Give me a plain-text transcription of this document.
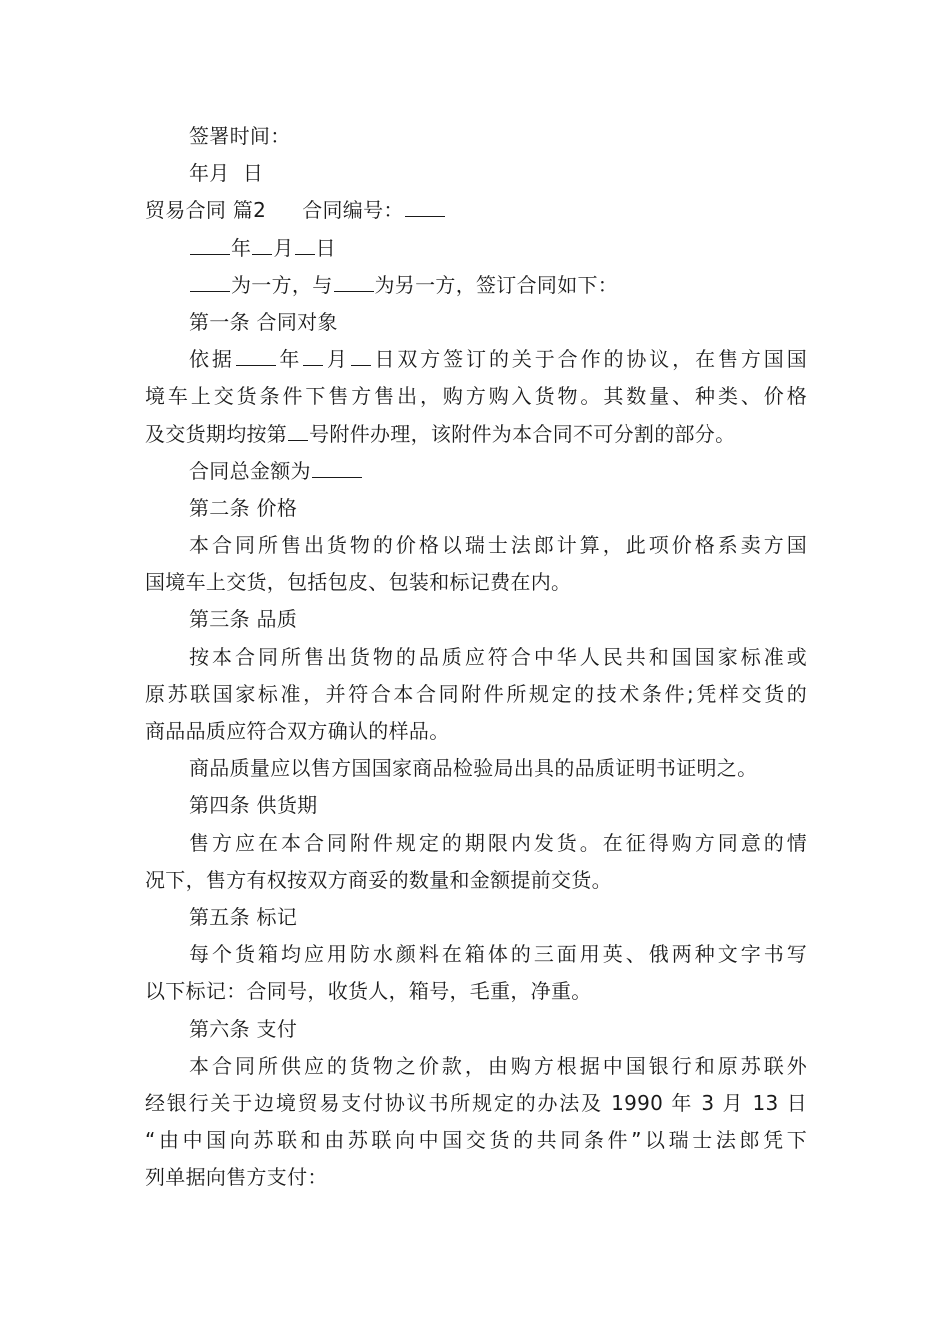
签署时间：
年月  日
贸易合同 篇2 合同编号：
年 月 日
为一方，与 为另一方，签订合同如下：
第一条 合同对象
依据 年 月 日双方签订的关于合作的协议，在售方国国
境车上交货条件下售方售出，购方购入货物。其数量、种类、价格
及交货期均按第 号附件办理，该附件为本合同不可分割的部分。
合同总金额为
第二条 价格
本合同所售出货物的价格以瑞士法郎计算，此项价格系卖方国
国境车上交货，包括包皮、包装和标记费在内。
第三条 品质
按本合同所售出货物的品质应符合中华人民共和国国家标准或
原苏联国家标准，并符合本合同附件所规定的技术条件;凭样交货的
商品品质应符合双方确认的样品。
商品质量应以售方国国家商品检验局出具的品质证明书证明之。
第四条 供货期
售方应在本合同附件规定的期限内发货。在征得购方同意的情
况下，售方有权按双方商妥的数量和金额提前交货。
第五条 标记
每个货箱均应用防水颜料在箱体的三面用英、俄两种文字书写
以下标记：合同号，收货人，箱号，毛重，净重。
第六条 支付
本合同所供应的货物之价款，由购方根据中国银行和原苏联外
经银行关于边境贸易支付协议书所规定的办法及 1990 年 3 月 13 日
“由中国向苏联和由苏联向中国交货的共同条件”以瑞士法郎凭下
列单据向售方支付：
